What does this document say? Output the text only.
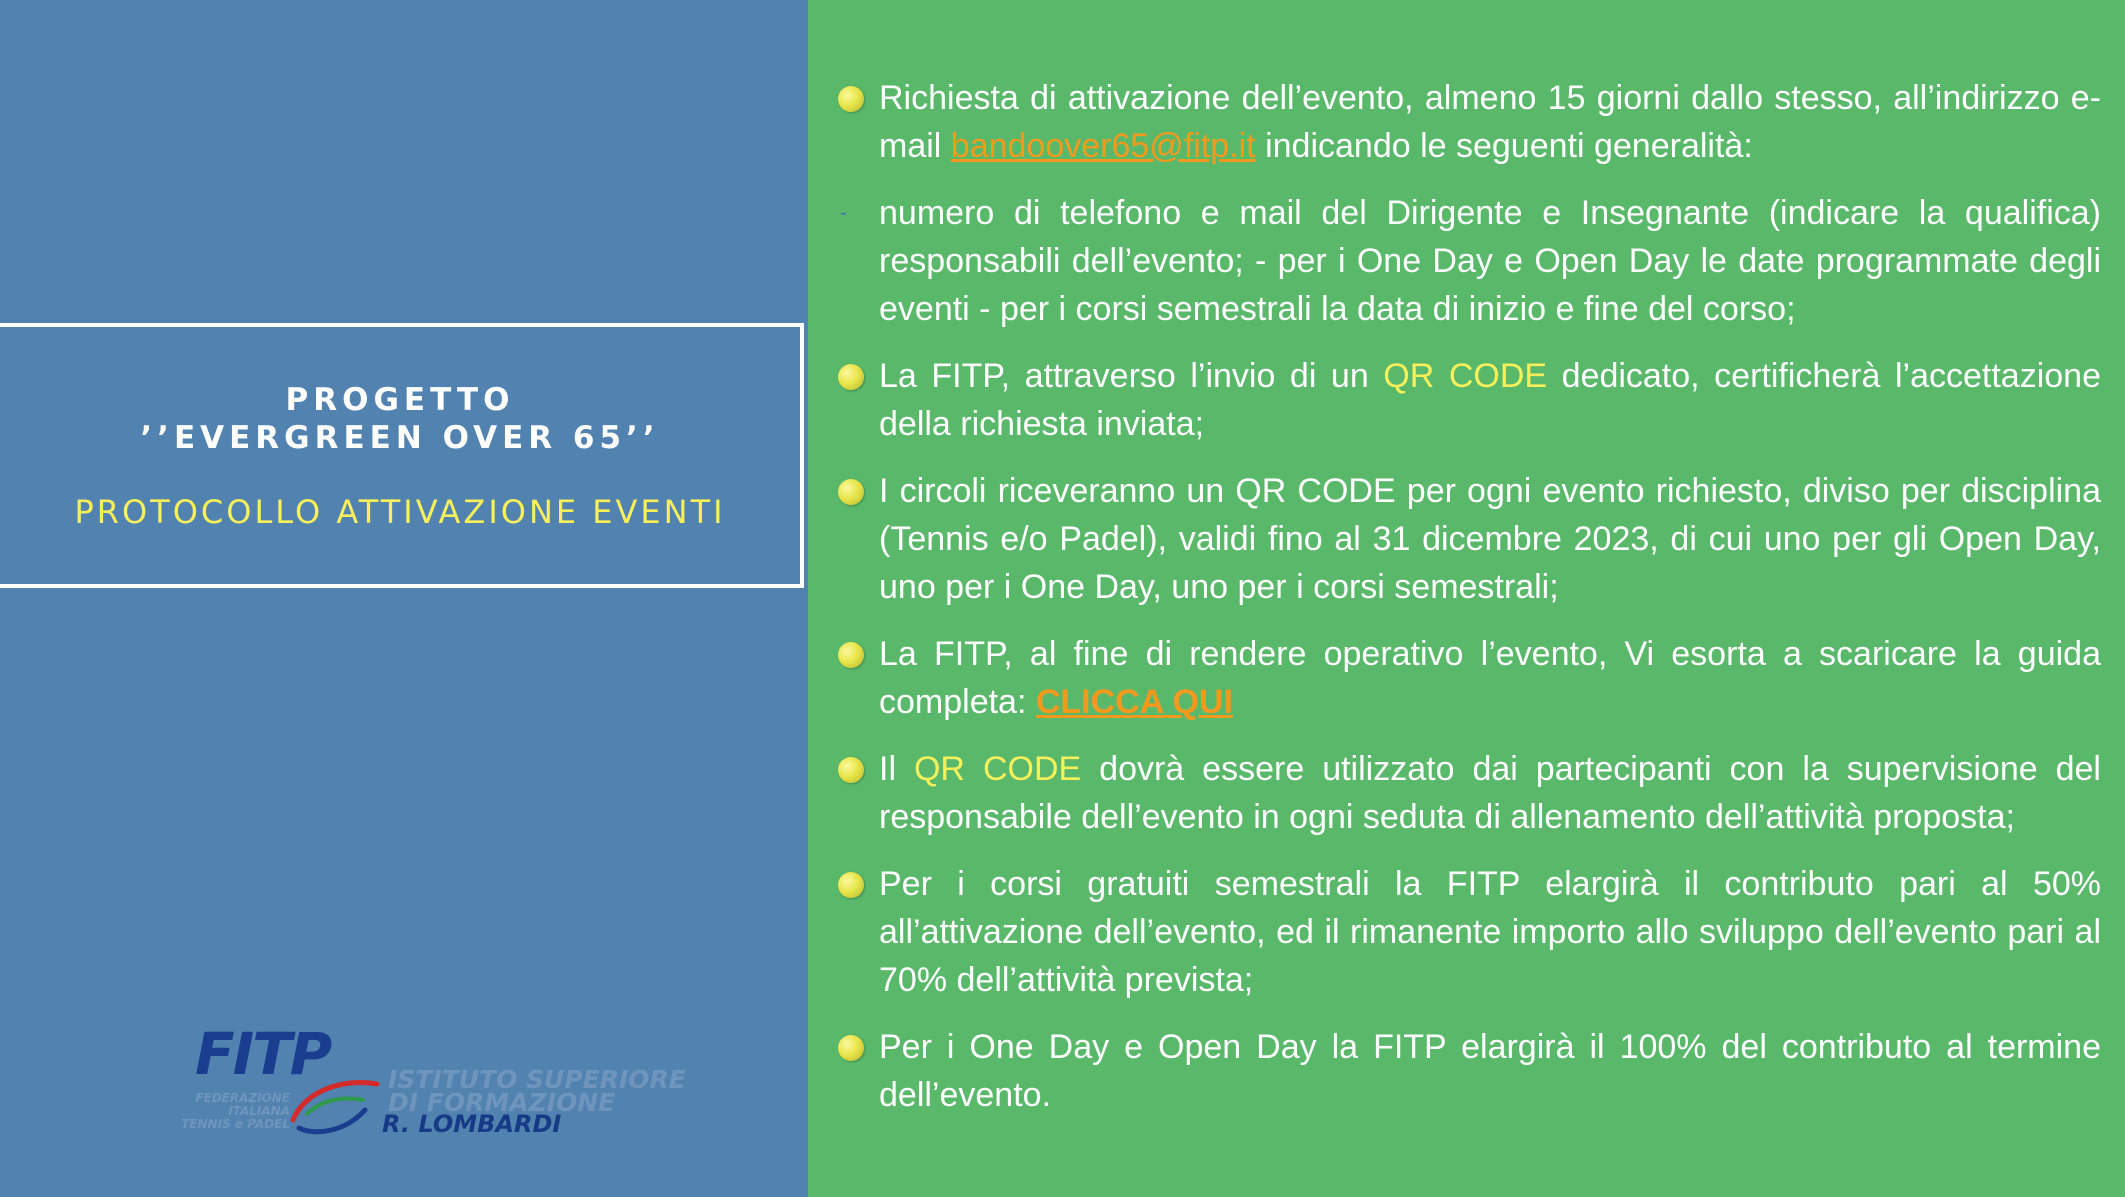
PROGETTO
’’EVERGREEN OVER 65’’
PROTOCOLLO ATTIVAZIONE EVENTI
FITP
FEDERAZIONE
ITALIANA
TENNIS e PADEL
ISTITUTO SUPERIORE
DI FORMAZIONE
R. LOMBARDI
Richiesta di attivazione dell’evento, almeno 15 giorni dallo stesso, all’indirizzo e-mail bandoover65@fitp.it indicando le seguenti generalità:
- numero di telefono e mail del Dirigente e Insegnante (indicare la qualifica) responsabili dell’evento; - per i One Day e Open Day le date programmate degli eventi - per i corsi semestrali la data di inizio e fine del corso;
La FITP, attraverso l’invio di un QR CODE dedicato, certificherà l’accettazione della richiesta inviata;
I circoli riceveranno un QR CODE per ogni evento richiesto, diviso per disciplina (Tennis e/o Padel), validi fino al 31 dicembre 2023, di cui uno per gli Open Day, uno per i One Day, uno per i corsi semestrali;
La FITP, al fine di rendere operativo l’evento, Vi esorta a scaricare la guida completa: CLICCA QUI
Il QR CODE dovrà essere utilizzato dai partecipanti con la supervisione del responsabile dell’evento in ogni seduta di allenamento dell’attività proposta;
Per i corsi gratuiti semestrali la FITP elargirà il contributo pari al 50% all’attivazione dell’evento, ed il rimanente importo allo sviluppo dell’evento pari al 70% dell’attività prevista;
Per i One Day e Open Day la FITP elargirà il 100% del contributo al termine dell’evento.
